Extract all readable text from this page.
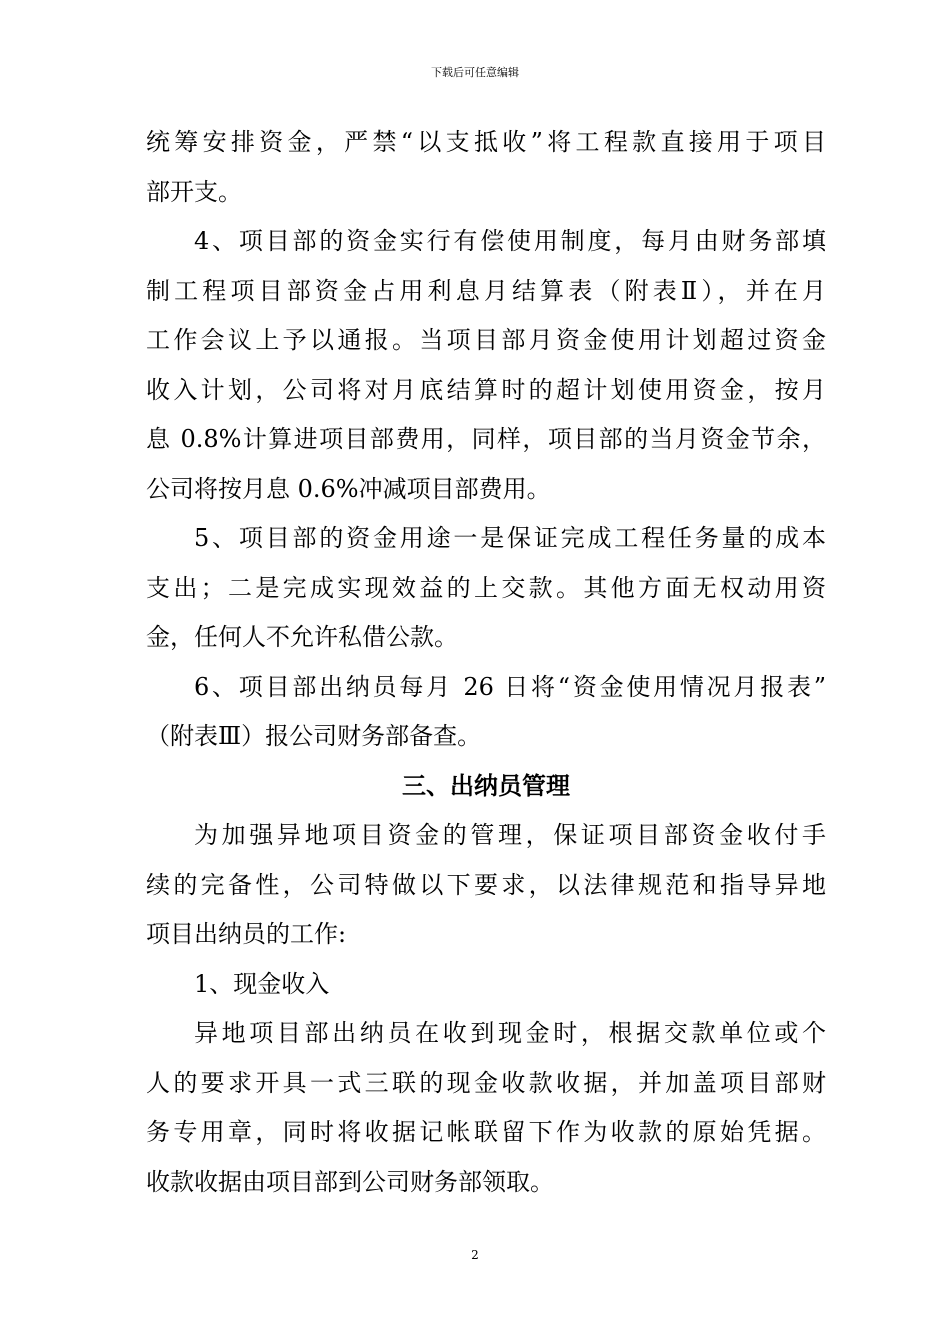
下载后可任意编辑
统筹安排资金，严禁“以支抵收”将工程款直接用于项目
部开支。
4、项目部的资金实行有偿使用制度，每月由财务部填
制工程项目部资金占用利息月结算表（附表Ⅱ），并在月
工作会议上予以通报。当项目部月资金使用计划超过资金
收入计划，公司将对月底结算时的超计划使用资金，按月
息 0.8%计算进项目部费用，同样，项目部的当月资金节余，
公司将按月息 0.6%冲减项目部费用。
5、项目部的资金用途一是保证完成工程任务量的成本
支出；二是完成实现效益的上交款。其他方面无权动用资
金，任何人不允许私借公款。
6、项目部出纳员每月 26 日将“资金使用情况月报表”
（附表Ⅲ）报公司财务部备查。
三、出纳员管理
为加强异地项目资金的管理，保证项目部资金收付手
续的完备性，公司特做以下要求，以法律规范和指导异地
项目出纳员的工作:
1、现金收入
异地项目部出纳员在收到现金时，根据交款单位或个
人的要求开具一式三联的现金收款收据，并加盖项目部财
务专用章，同时将收据记帐联留下作为收款的原始凭据。
收款收据由项目部到公司财务部领取。
2
